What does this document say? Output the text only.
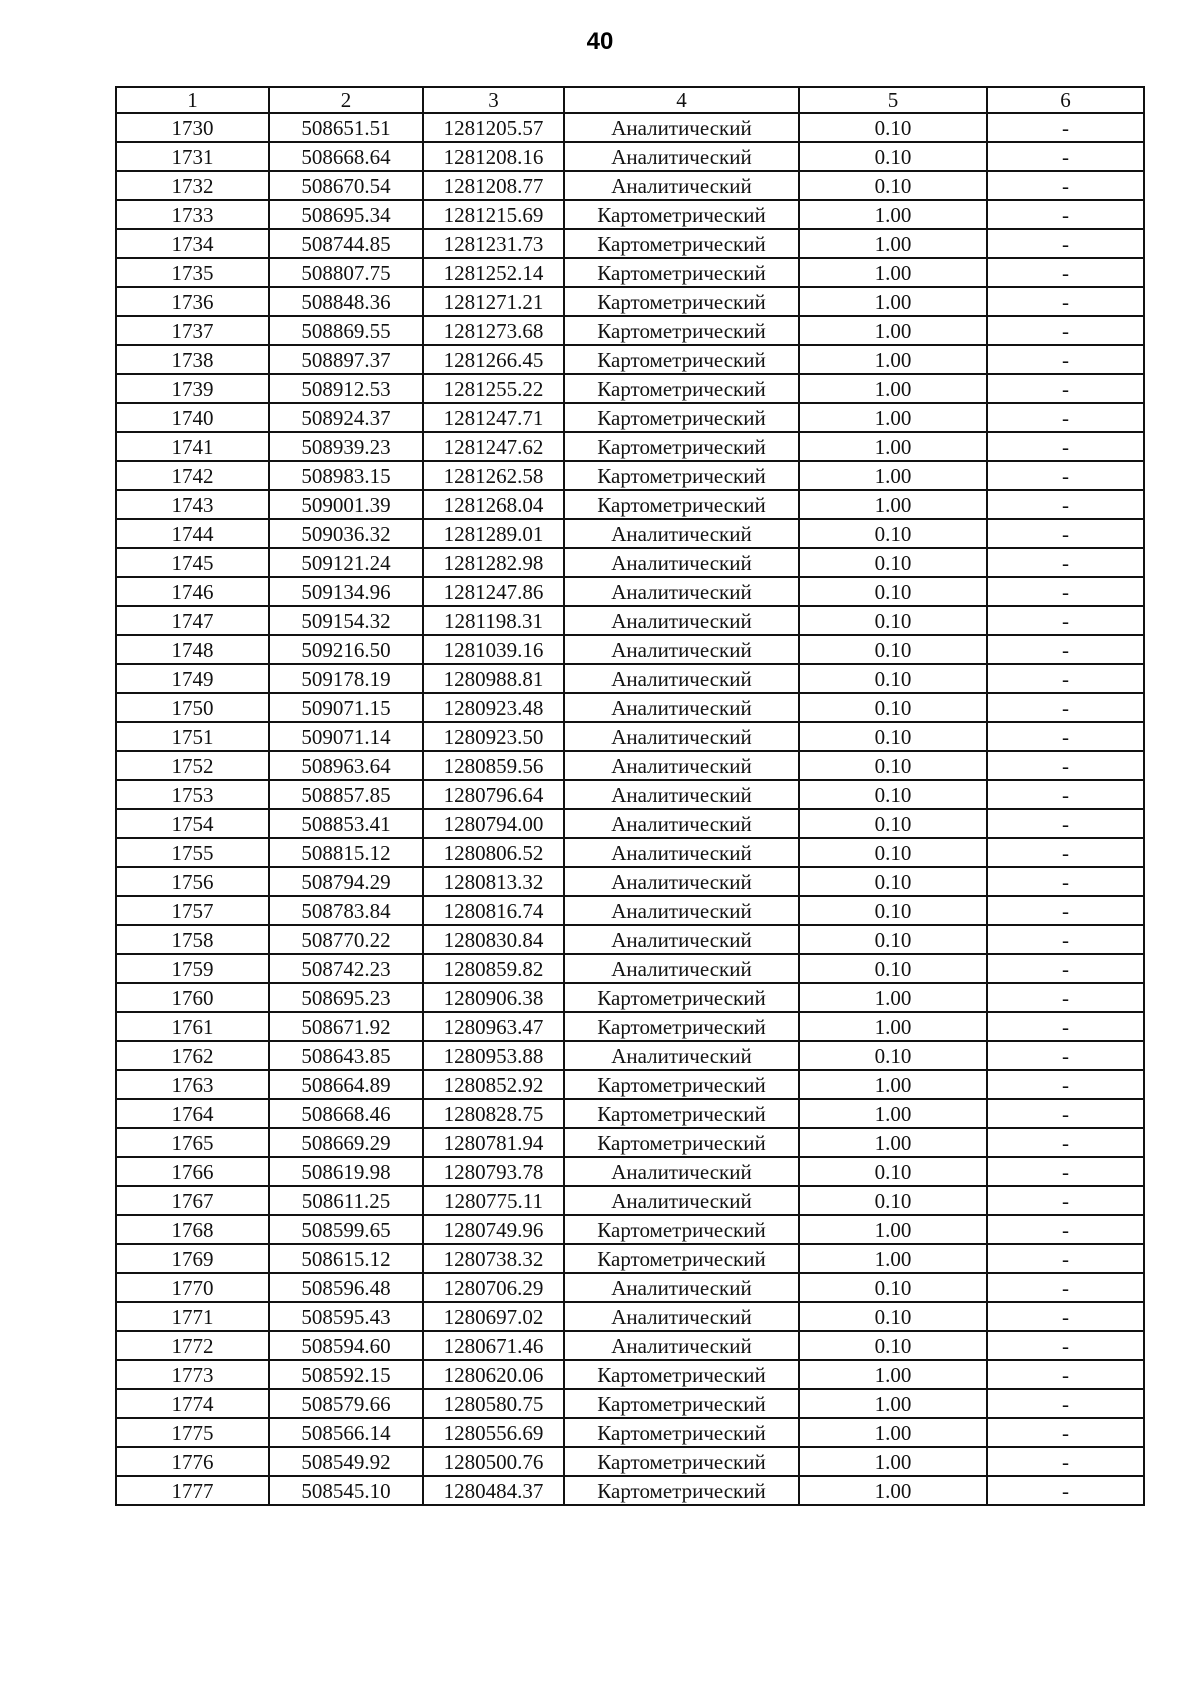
40
1	2	3	4	5	6
1730	508651.51	1281205.57	Аналитический	0.10	-
1731	508668.64	1281208.16	Аналитический	0.10	-
1732	508670.54	1281208.77	Аналитический	0.10	-
1733	508695.34	1281215.69	Картометрический	1.00	-
1734	508744.85	1281231.73	Картометрический	1.00	-
1735	508807.75	1281252.14	Картометрический	1.00	-
1736	508848.36	1281271.21	Картометрический	1.00	-
1737	508869.55	1281273.68	Картометрический	1.00	-
1738	508897.37	1281266.45	Картометрический	1.00	-
1739	508912.53	1281255.22	Картометрический	1.00	-
1740	508924.37	1281247.71	Картометрический	1.00	-
1741	508939.23	1281247.62	Картометрический	1.00	-
1742	508983.15	1281262.58	Картометрический	1.00	-
1743	509001.39	1281268.04	Картометрический	1.00	-
1744	509036.32	1281289.01	Аналитический	0.10	-
1745	509121.24	1281282.98	Аналитический	0.10	-
1746	509134.96	1281247.86	Аналитический	0.10	-
1747	509154.32	1281198.31	Аналитический	0.10	-
1748	509216.50	1281039.16	Аналитический	0.10	-
1749	509178.19	1280988.81	Аналитический	0.10	-
1750	509071.15	1280923.48	Аналитический	0.10	-
1751	509071.14	1280923.50	Аналитический	0.10	-
1752	508963.64	1280859.56	Аналитический	0.10	-
1753	508857.85	1280796.64	Аналитический	0.10	-
1754	508853.41	1280794.00	Аналитический	0.10	-
1755	508815.12	1280806.52	Аналитический	0.10	-
1756	508794.29	1280813.32	Аналитический	0.10	-
1757	508783.84	1280816.74	Аналитический	0.10	-
1758	508770.22	1280830.84	Аналитический	0.10	-
1759	508742.23	1280859.82	Аналитический	0.10	-
1760	508695.23	1280906.38	Картометрический	1.00	-
1761	508671.92	1280963.47	Картометрический	1.00	-
1762	508643.85	1280953.88	Аналитический	0.10	-
1763	508664.89	1280852.92	Картометрический	1.00	-
1764	508668.46	1280828.75	Картометрический	1.00	-
1765	508669.29	1280781.94	Картометрический	1.00	-
1766	508619.98	1280793.78	Аналитический	0.10	-
1767	508611.25	1280775.11	Аналитический	0.10	-
1768	508599.65	1280749.96	Картометрический	1.00	-
1769	508615.12	1280738.32	Картометрический	1.00	-
1770	508596.48	1280706.29	Аналитический	0.10	-
1771	508595.43	1280697.02	Аналитический	0.10	-
1772	508594.60	1280671.46	Аналитический	0.10	-
1773	508592.15	1280620.06	Картометрический	1.00	-
1774	508579.66	1280580.75	Картометрический	1.00	-
1775	508566.14	1280556.69	Картометрический	1.00	-
1776	508549.92	1280500.76	Картометрический	1.00	-
1777	508545.10	1280484.37	Картометрический	1.00	-
